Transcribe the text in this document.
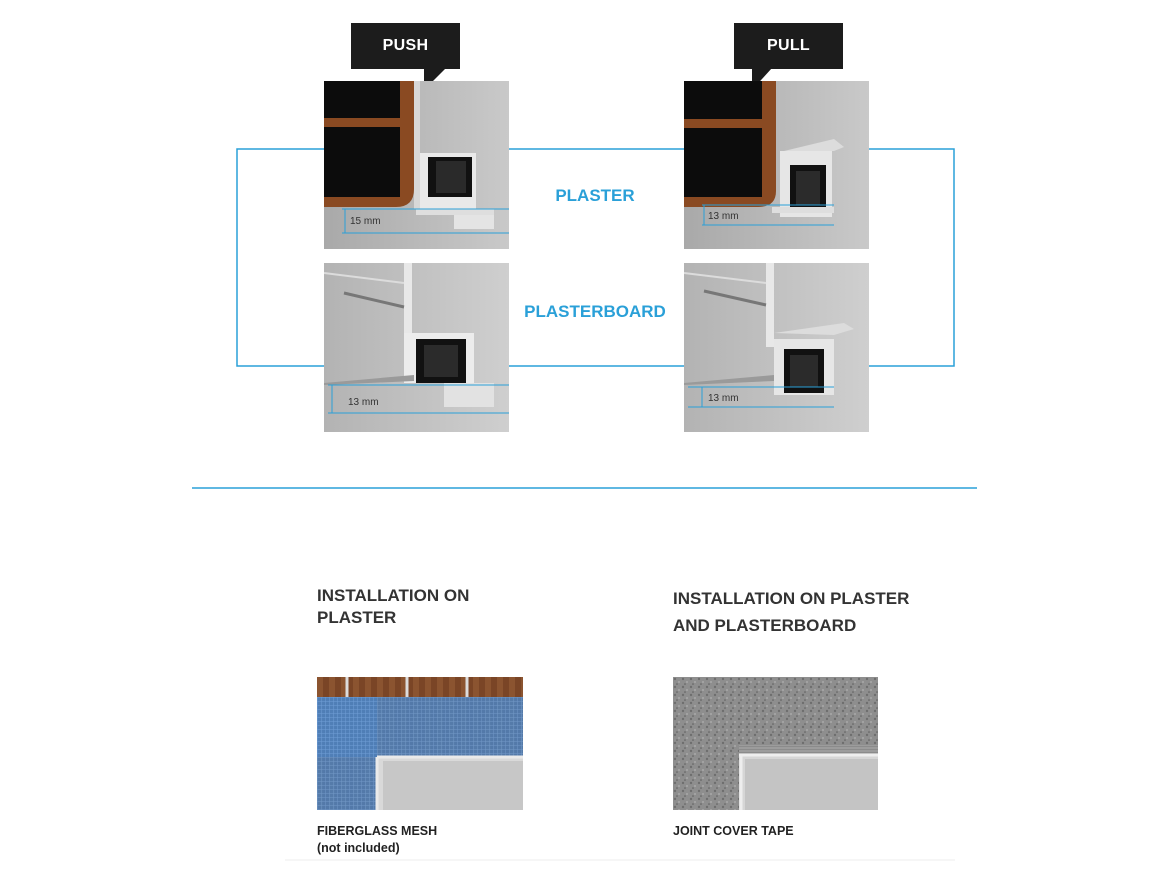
PUSH	PULL
15 mm	13 mm
13 mm	13 mm
PLASTER
PLASTERBOARD
INSTALLATION ON
PLASTER
FIBERGLASS MESH
(not included)
INSTALLATION ON PLASTER
AND PLASTERBOARD
JOINT COVER TAPE
